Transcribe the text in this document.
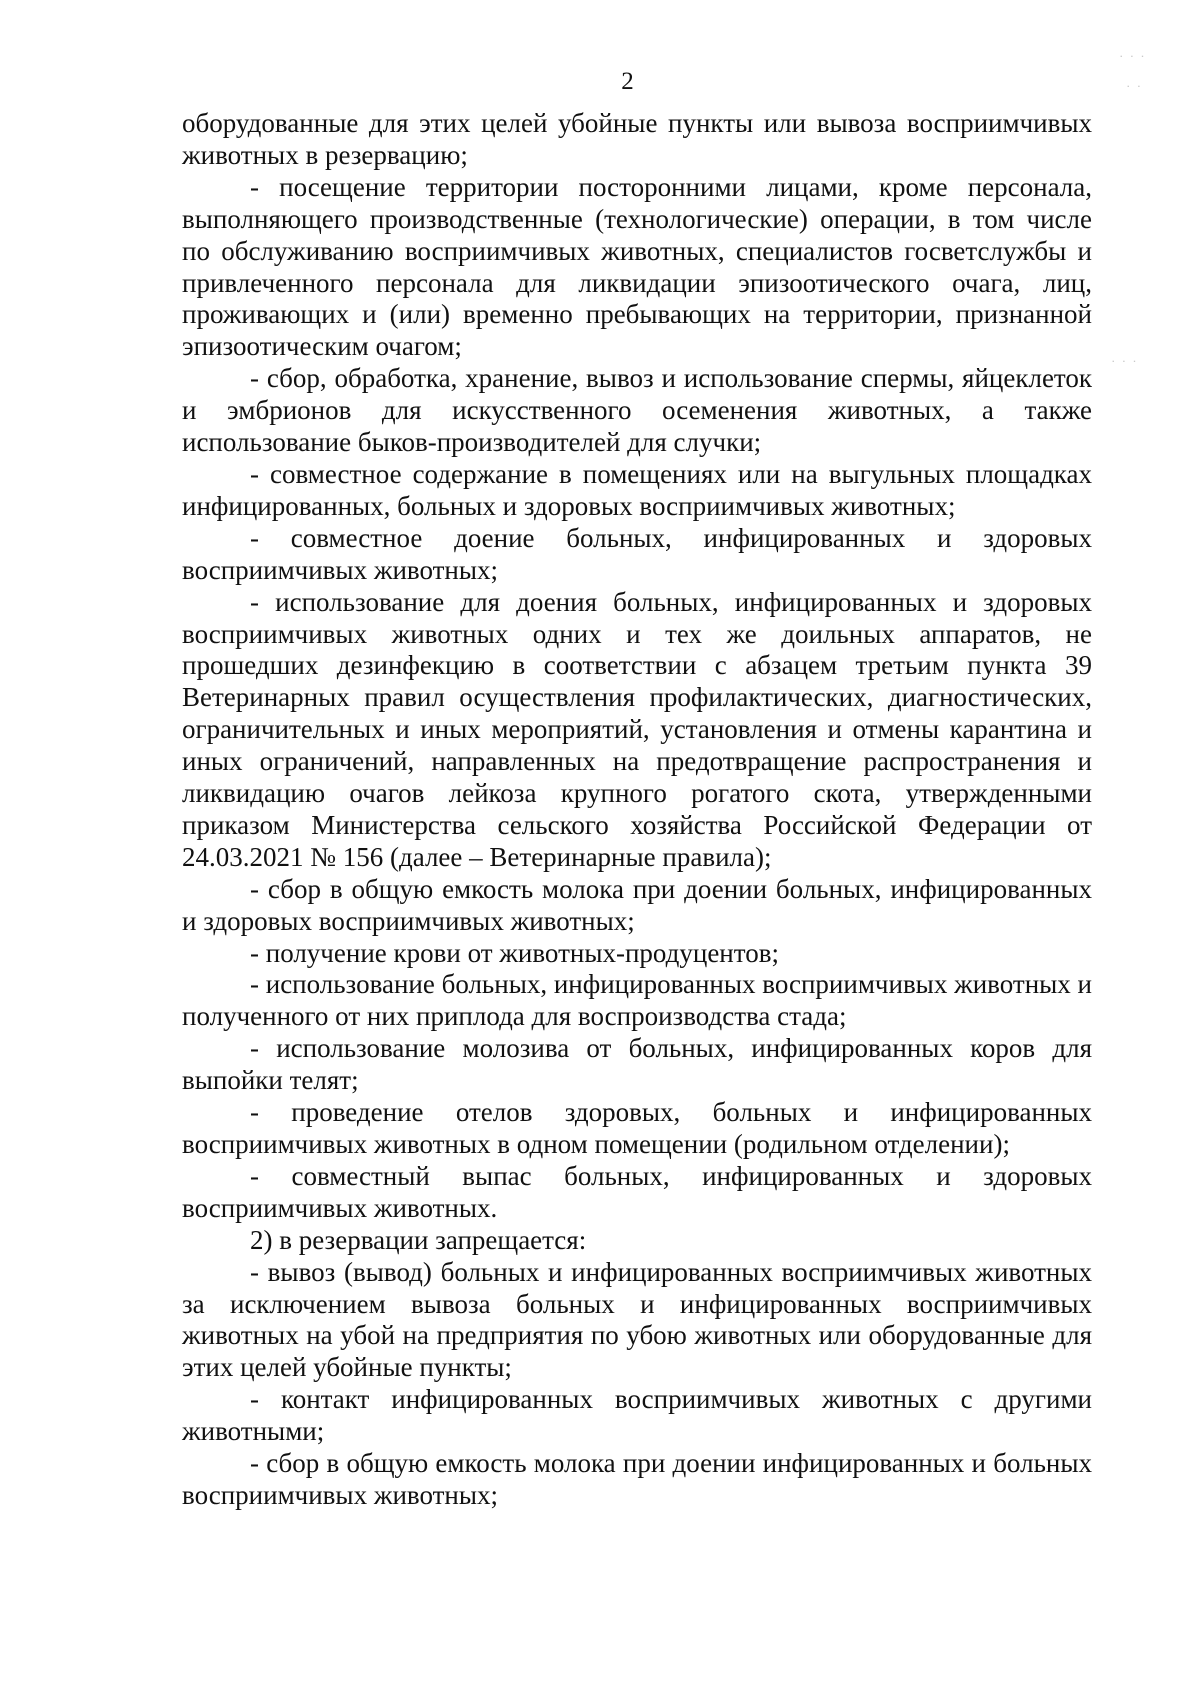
2

оборудованные для этих целей убойные пункты или вывоза восприимчивых животных в резервацию;

- посещение территории посторонними лицами, кроме персонала, выполняющего производственные (технологические) операции, в том числе по обслуживанию восприимчивых животных, специалистов госветслужбы и привлеченного персонала для ликвидации эпизоотического очага, лиц, проживающих и (или) временно пребывающих на территории, признанной эпизоотическим очагом;

- сбор, обработка, хранение, вывоз и использование спермы, яйцеклеток и эмбрионов для искусственного осеменения животных, а также использование быков-производителей для случки;

- совместное содержание в помещениях или на выгульных площадках инфицированных, больных и здоровых восприимчивых животных;

- совместное доение больных, инфицированных и здоровых восприимчивых животных;

- использование для доения больных, инфицированных и здоровых восприимчивых животных одних и тех же доильных аппаратов, не прошедших дезинфекцию в соответствии с абзацем третьим пункта 39 Ветеринарных правил осуществления профилактических, диагностических, ограничительных и иных мероприятий, установления и отмены карантина и иных ограничений, направленных на предотвращение распространения и ликвидацию очагов лейкоза крупного рогатого скота, утвержденными приказом Министерства сельского хозяйства Российской Федерации от 24.03.2021 № 156 (далее – Ветеринарные правила);

- сбор в общую емкость молока при доении больных, инфицированных и здоровых восприимчивых животных;

- получение крови от животных-продуцентов;

- использование больных, инфицированных восприимчивых животных и полученного от них приплода для воспроизводства стада;

- использование молозива от больных, инфицированных коров для выпойки телят;

- проведение отелов здоровых, больных и инфицированных восприимчивых животных в одном помещении (родильном отделении);

- совместный выпас больных, инфицированных и здоровых восприимчивых животных.

2) в резервации запрещается:

- вывоз (вывод) больных и инфицированных восприимчивых животных за исключением вывоза больных и инфицированных восприимчивых животных на убой на предприятия по убою животных или оборудованные для этих целей убойные пункты;

- контакт инфицированных восприимчивых животных с другими животными;

- сбор в общую емкость молока при доении инфицированных и больных восприимчивых животных;

˙ ˙ ˙
˙ ˙
˙ ˙ ˙
